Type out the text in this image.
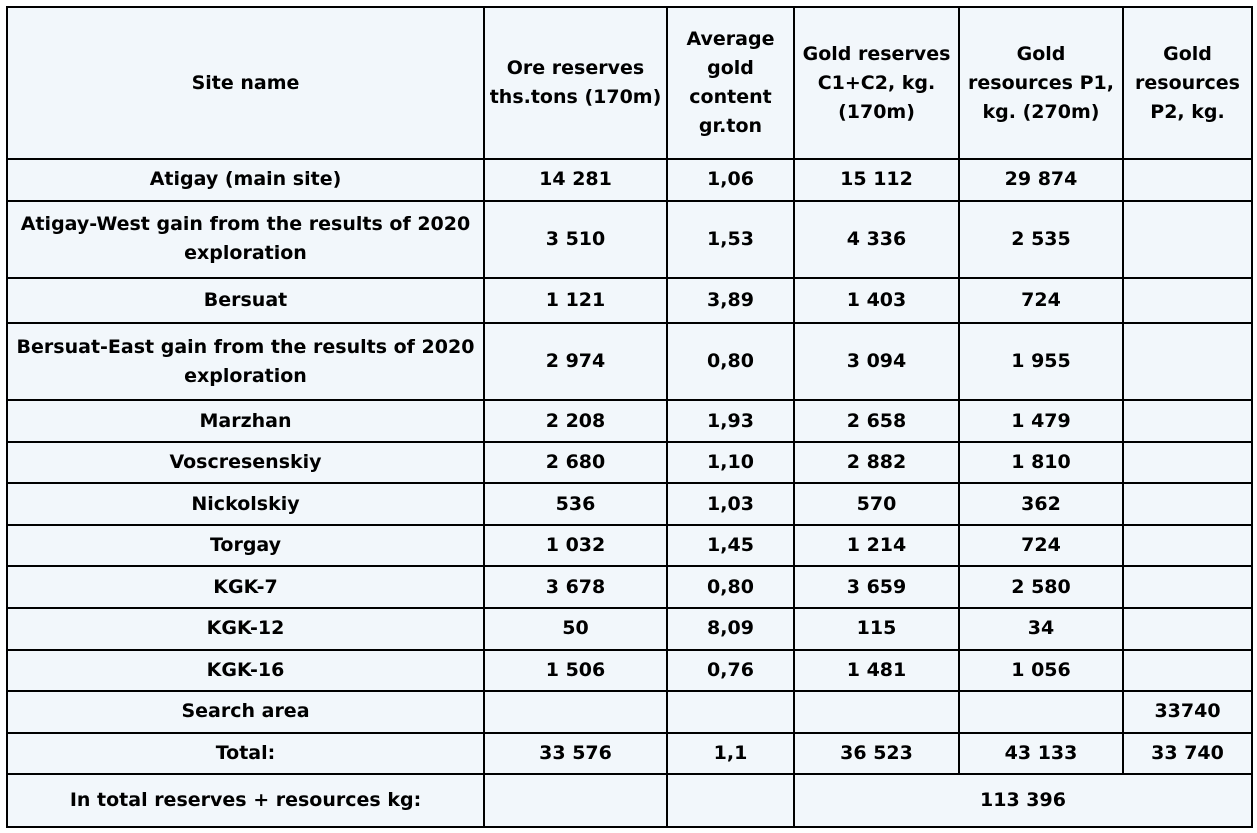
Site name	Ore reserves ths.tons (170m)	Average gold content gr.ton	Gold reserves C1+C2, kg. (170m)	Gold resources P1, kg. (270m)	Gold resources P2, kg.
Atigay (main site)	14 281	1,06	15 112	29 874	
Atigay-West gain from the results of 2020 exploration	3 510	1,53	4 336	2 535	
Bersuat	1 121	3,89	1 403	724	
Bersuat-East gain from the results of 2020 exploration	2 974	0,80	3 094	1 955	
Marzhan	2 208	1,93	2 658	1 479	
Voscresenskiy	2 680	1,10	2 882	1 810	
Nickolskiy	536	1,03	570	362	
Torgay	1 032	1,45	1 214	724	
KGK-7	3 678	0,80	3 659	2 580	
KGK-12	50	8,09	115	34	
KGK-16	1 506	0,76	1 481	1 056	
Search area					33740
Total:	33 576	1,1	36 523	43 133	33 740
In total reserves + resources kg:			113 396		
